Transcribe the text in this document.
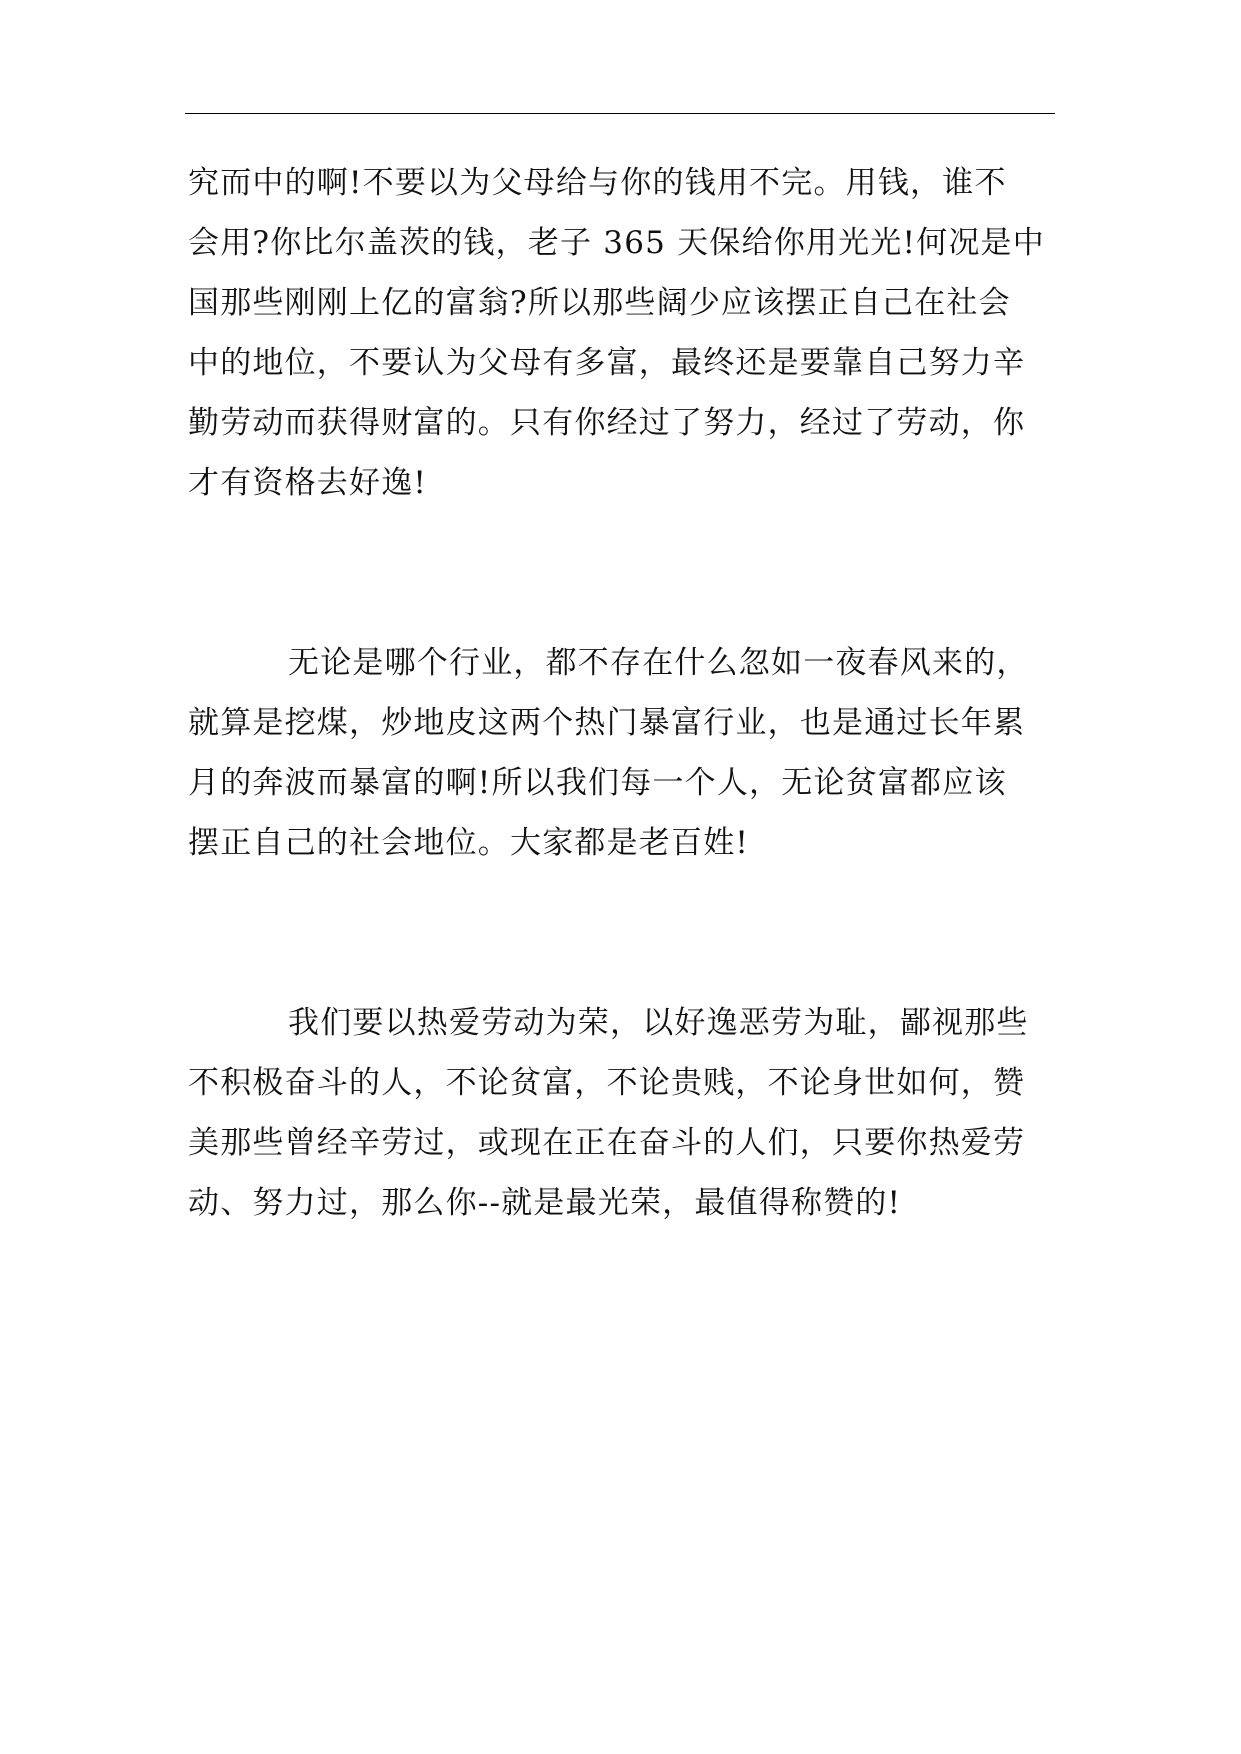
究而中的啊!不要以为父母给与你的钱用不完。用钱，谁不
会用?你比尔盖茨的钱，老子 365 天保给你用光光!何况是中
国那些刚刚上亿的富翁?所以那些阔少应该摆正自己在社会
中的地位，不要认为父母有多富，最终还是要靠自己努力辛
勤劳动而获得财富的。只有你经过了努力，经过了劳动，你
才有资格去好逸!
无论是哪个行业，都不存在什么忽如一夜春风来的，
就算是挖煤，炒地皮这两个热门暴富行业，也是通过长年累
月的奔波而暴富的啊!所以我们每一个人，无论贫富都应该
摆正自己的社会地位。大家都是老百姓!
我们要以热爱劳动为荣，以好逸恶劳为耻，鄙视那些
不积极奋斗的人，不论贫富，不论贵贱，不论身世如何，赞
美那些曾经辛劳过，或现在正在奋斗的人们，只要你热爱劳
动、努力过，那么你--就是最光荣，最值得称赞的!
